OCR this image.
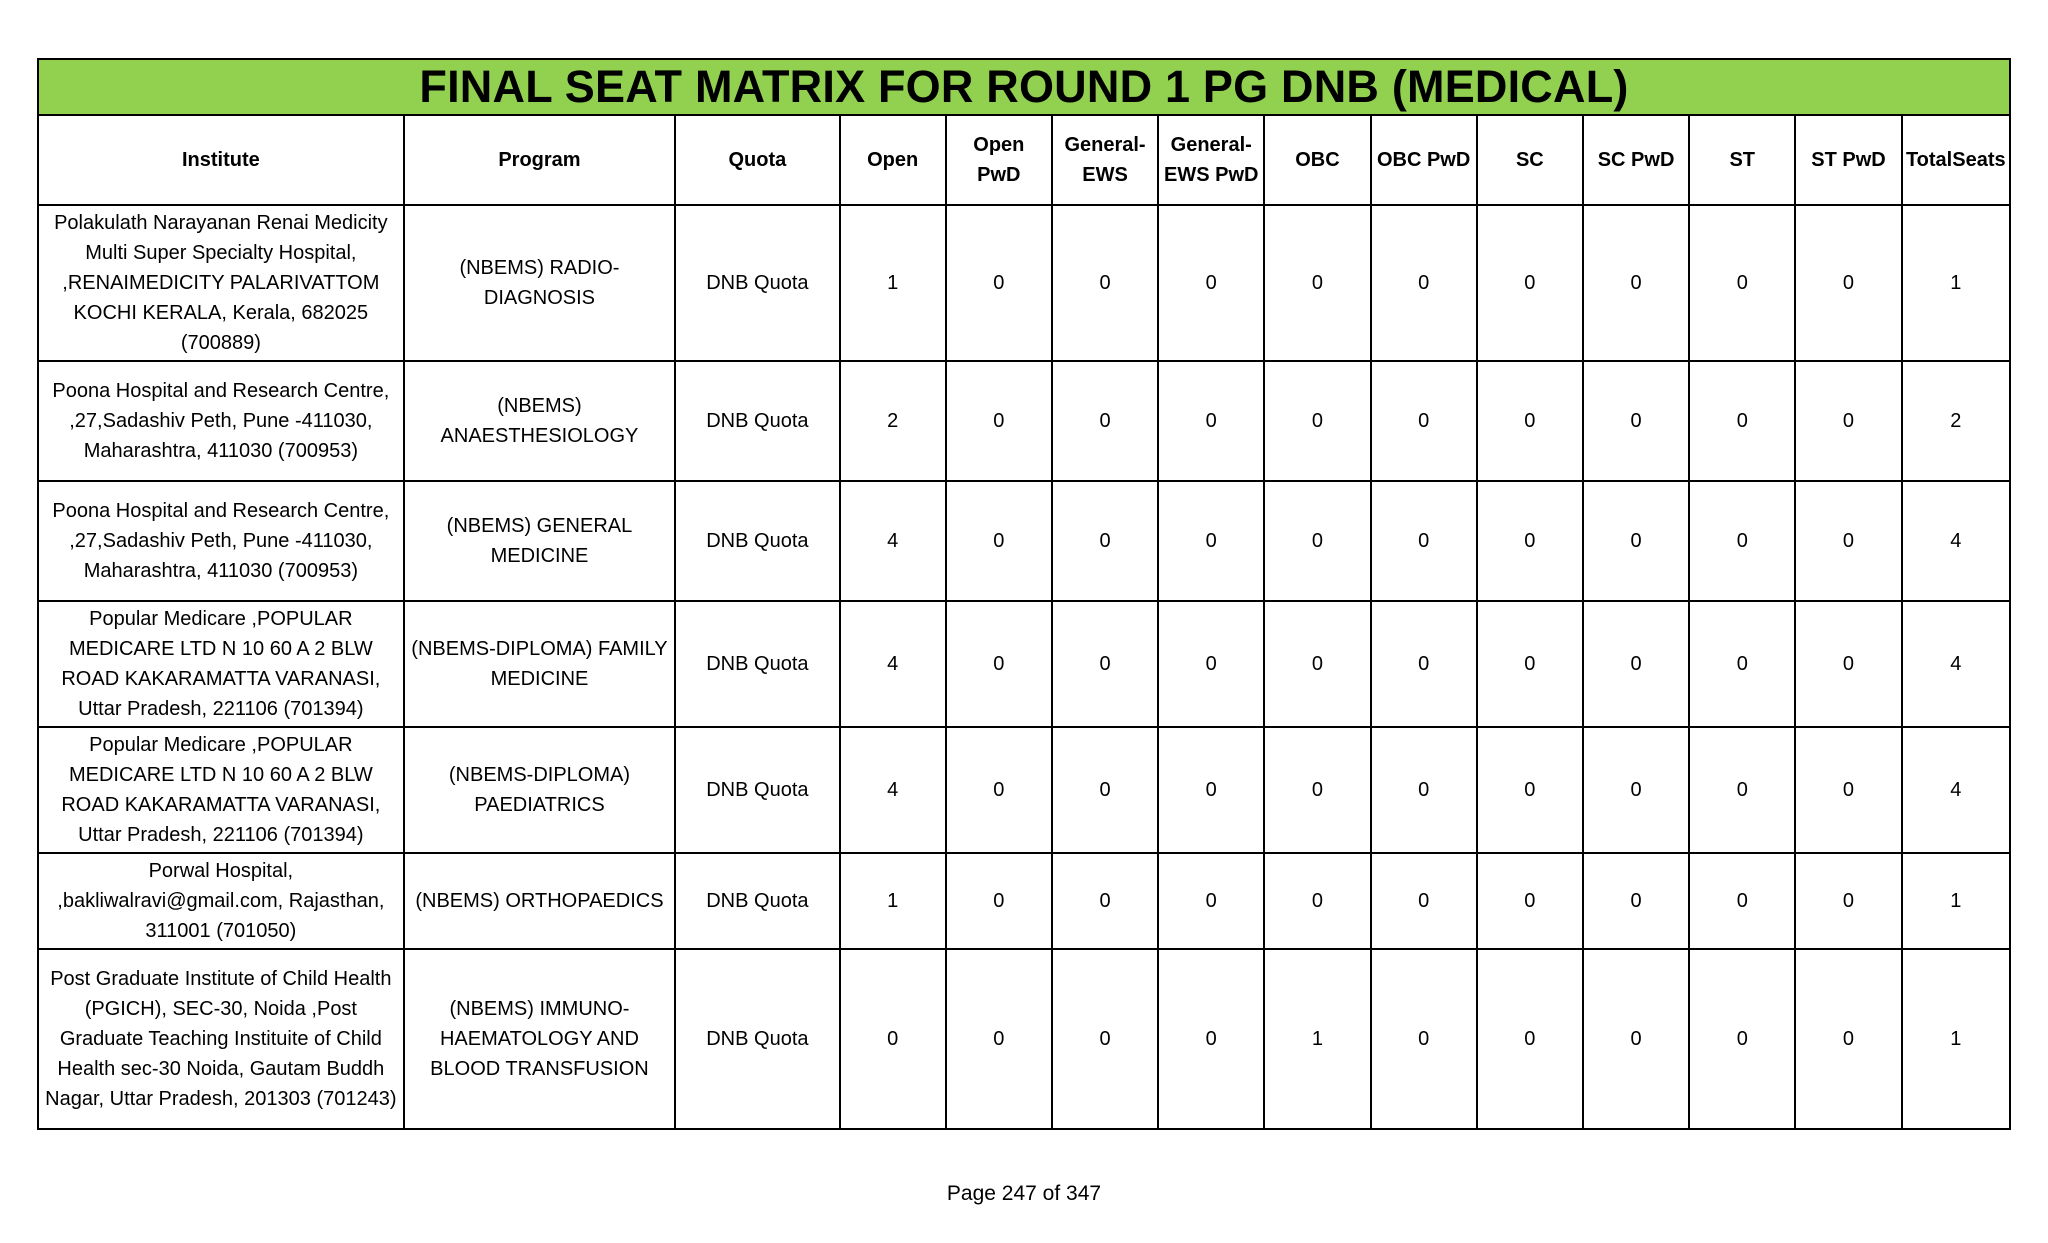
FINAL SEAT MATRIX FOR ROUND 1 PG DNB (MEDICAL)													
Institute	Program	Quota	Open	Open PwD	General-EWS	General-EWS PwD	OBC	OBC PwD	SC	SC PwD	ST	ST PwD	TotalSeats
Polakulath Narayanan Renai Medicity Multi Super Specialty Hospital, ,RENAIMEDICITY PALARIVATTOM KOCHI KERALA, Kerala, 682025 (700889)	(NBEMS) RADIO-DIAGNOSIS	DNB Quota	1	0	0	0	0	0	0	0	0	0	1
Poona Hospital and Research Centre, ,27,Sadashiv Peth, Pune -411030, Maharashtra, 411030 (700953)	(NBEMS) ANAESTHESIOLOGY	DNB Quota	2	0	0	0	0	0	0	0	0	0	2
Poona Hospital and Research Centre, ,27,Sadashiv Peth, Pune -411030, Maharashtra, 411030 (700953)	(NBEMS) GENERAL MEDICINE	DNB Quota	4	0	0	0	0	0	0	0	0	0	4
Popular Medicare ,POPULAR MEDICARE LTD N 10 60 A 2 BLW ROAD KAKARAMATTA VARANASI, Uttar Pradesh, 221106 (701394)	(NBEMS-DIPLOMA) FAMILY MEDICINE	DNB Quota	4	0	0	0	0	0	0	0	0	0	4
Popular Medicare ,POPULAR MEDICARE LTD N 10 60 A 2 BLW ROAD KAKARAMATTA VARANASI, Uttar Pradesh, 221106 (701394)	(NBEMS-DIPLOMA) PAEDIATRICS	DNB Quota	4	0	0	0	0	0	0	0	0	0	4
Porwal Hospital, ,bakliwalravi@gmail.com, Rajasthan, 311001 (701050)	(NBEMS) ORTHOPAEDICS	DNB Quota	1	0	0	0	0	0	0	0	0	0	1
Post Graduate Institute of Child Health (PGICH), SEC-30, Noida ,Post Graduate Teaching Instituite of Child Health sec-30 Noida, Gautam Buddh Nagar, Uttar Pradesh, 201303 (701243)	(NBEMS) IMMUNO-HAEMATOLOGY AND BLOOD TRANSFUSION	DNB Quota	0	0	0	0	1	0	0	0	0	0	1
Page 247 of 347
